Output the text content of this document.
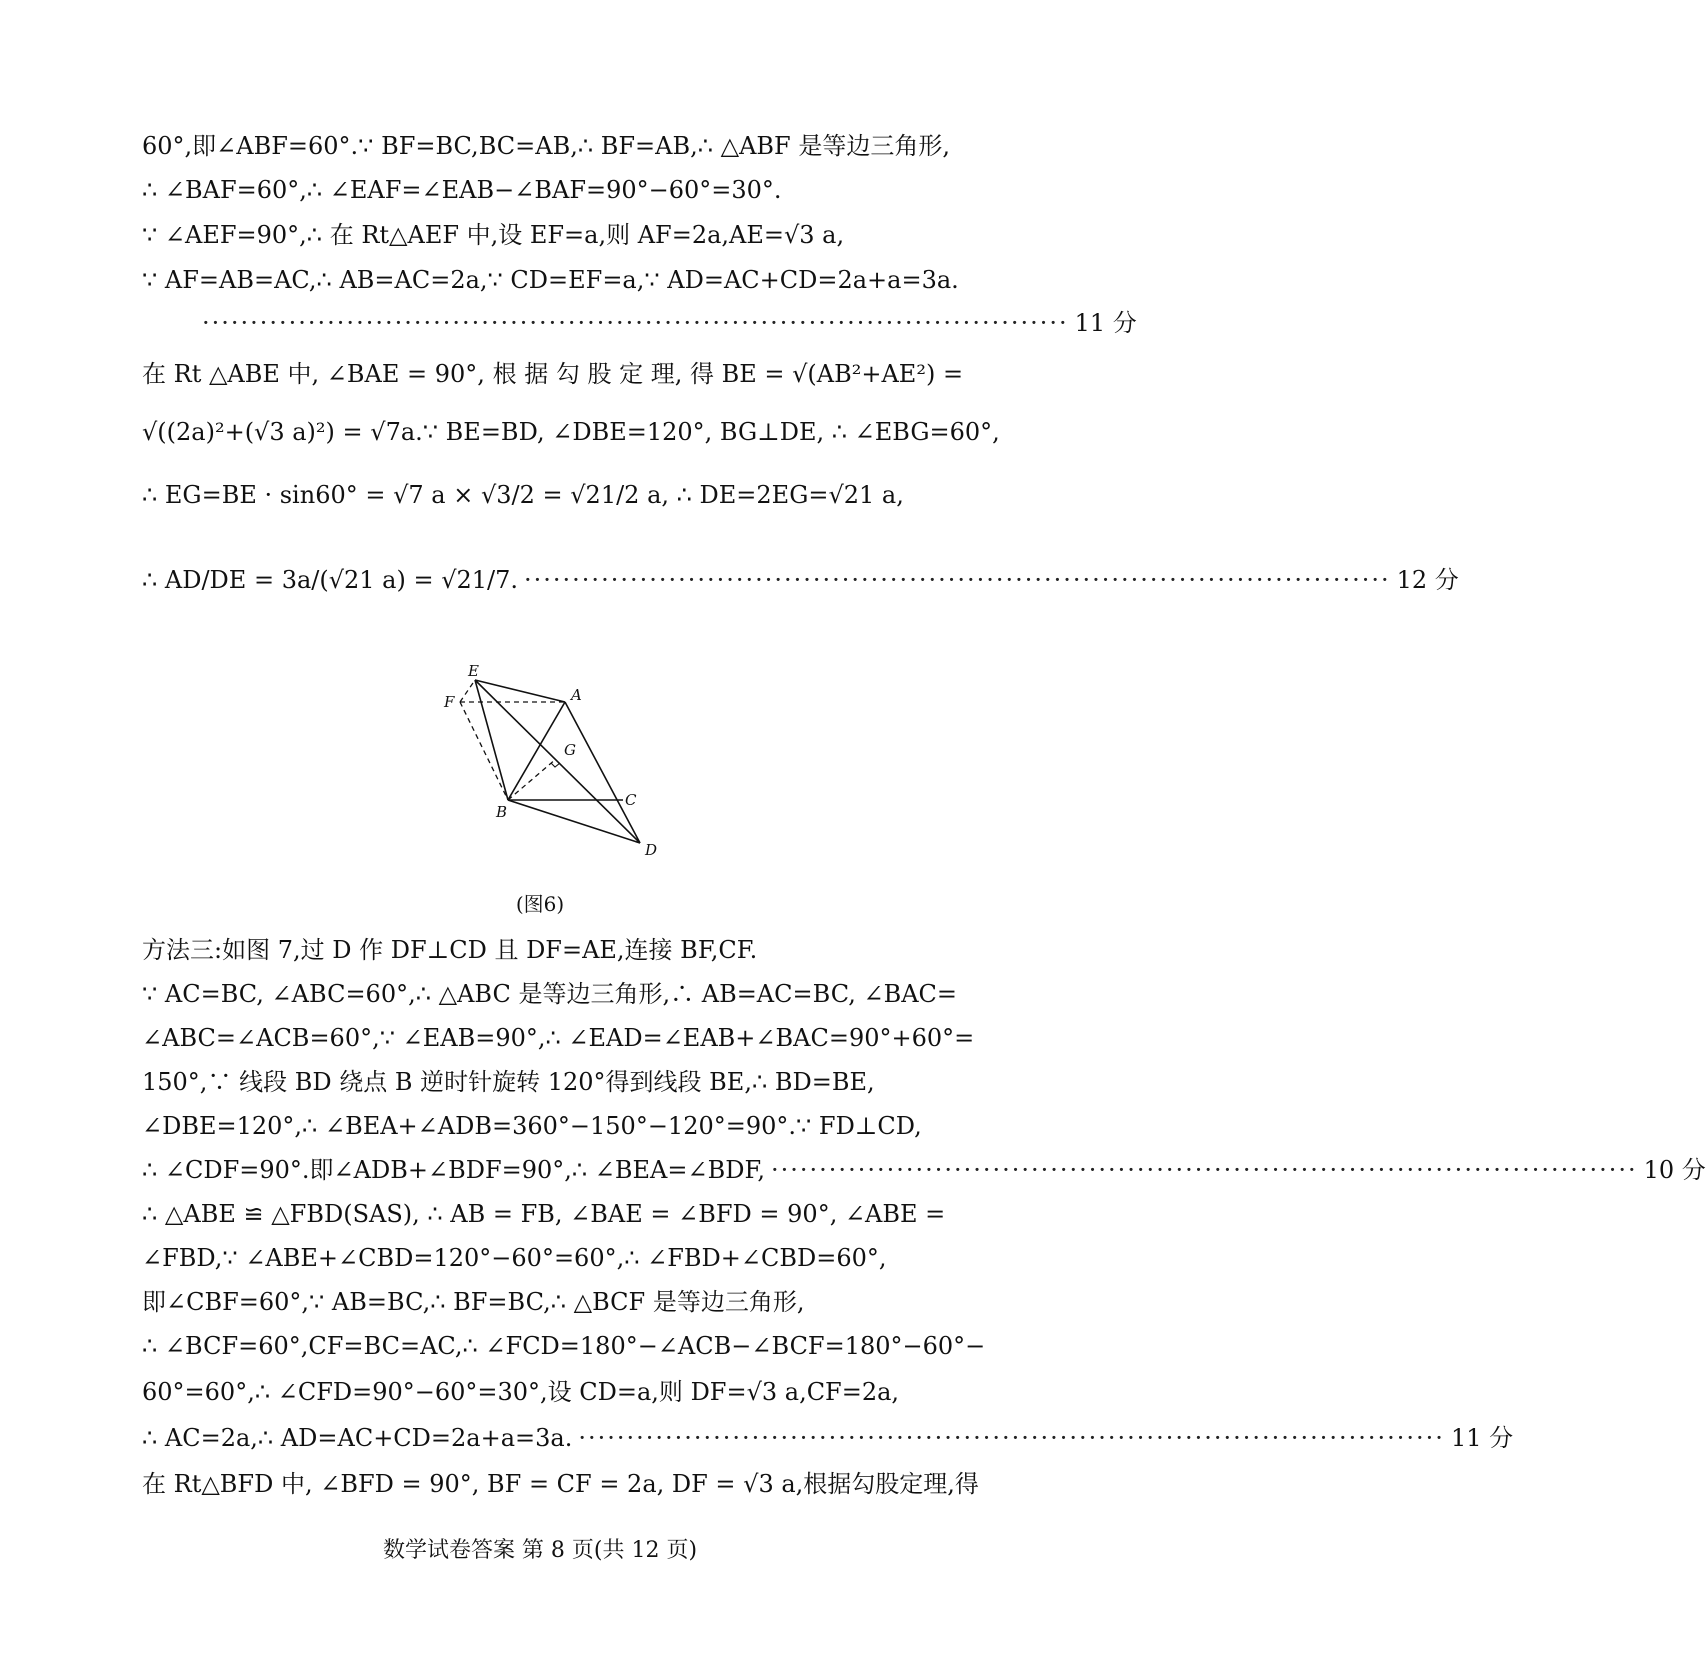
60°,即∠ABF=60°.∵ BF=BC,BC=AB,∴ BF=AB,∴ △ABF 是等边三角形,
∴ ∠BAF=60°,∴ ∠EAF=∠EAB−∠BAF=90°−60°=30°.
∵ ∠AEF=90°,∴ 在 Rt△AEF 中,设 EF=a,则 AF=2a,AE=√3 a,
∵ AF=AB=AC,∴ AB=AC=2a,∵ CD=EF=a,∵ AD=AC+CD=2a+a=3a.
·························································································· 11 分
在 Rt △ABE 中, ∠BAE = 90°, 根 据 勾 股 定 理, 得 BE = √(AB²+AE²) =
√((2a)²+(√3 a)²) = √7a.∵ BE=BD, ∠DBE=120°, BG⊥DE, ∴ ∠EBG=60°,
∴ EG=BE · sin60° = √7 a × √3/2 = √21/2 a, ∴ DE=2EG=√21 a,
∴ AD/DE = 3a/(√21 a) = √21/7. ·························································································· 12 分
E
A
F
G
B
C
D
(图6)
方法三:如图 7,过 D 作 DF⊥CD 且 DF=AE,连接 BF,CF.
∵ AC=BC, ∠ABC=60°,∴ △ABC 是等边三角形,∴ AB=AC=BC, ∠BAC=
∠ABC=∠ACB=60°,∵ ∠EAB=90°,∴ ∠EAD=∠EAB+∠BAC=90°+60°=
150°,∵ 线段 BD 绕点 B 逆时针旋转 120°得到线段 BE,∴ BD=BE,
∠DBE=120°,∴ ∠BEA+∠ADB=360°−150°−120°=90°.∵ FD⊥CD,
∴ ∠CDF=90°.即∠ADB+∠BDF=90°,∴ ∠BEA=∠BDF, ·························································································· 10 分
∴ △ABE ≌ △FBD(SAS), ∴ AB = FB, ∠BAE = ∠BFD = 90°, ∠ABE =
∠FBD,∵ ∠ABE+∠CBD=120°−60°=60°,∴ ∠FBD+∠CBD=60°,
即∠CBF=60°,∵ AB=BC,∴ BF=BC,∴ △BCF 是等边三角形,
∴ ∠BCF=60°,CF=BC=AC,∴ ∠FCD=180°−∠ACB−∠BCF=180°−60°−
60°=60°,∴ ∠CFD=90°−60°=30°,设 CD=a,则 DF=√3 a,CF=2a,
∴ AC=2a,∴ AD=AC+CD=2a+a=3a. ·························································································· 11 分
在 Rt△BFD 中, ∠BFD = 90°, BF = CF = 2a, DF = √3 a,根据勾股定理,得
数学试卷答案 第 8 页(共 12 页)
